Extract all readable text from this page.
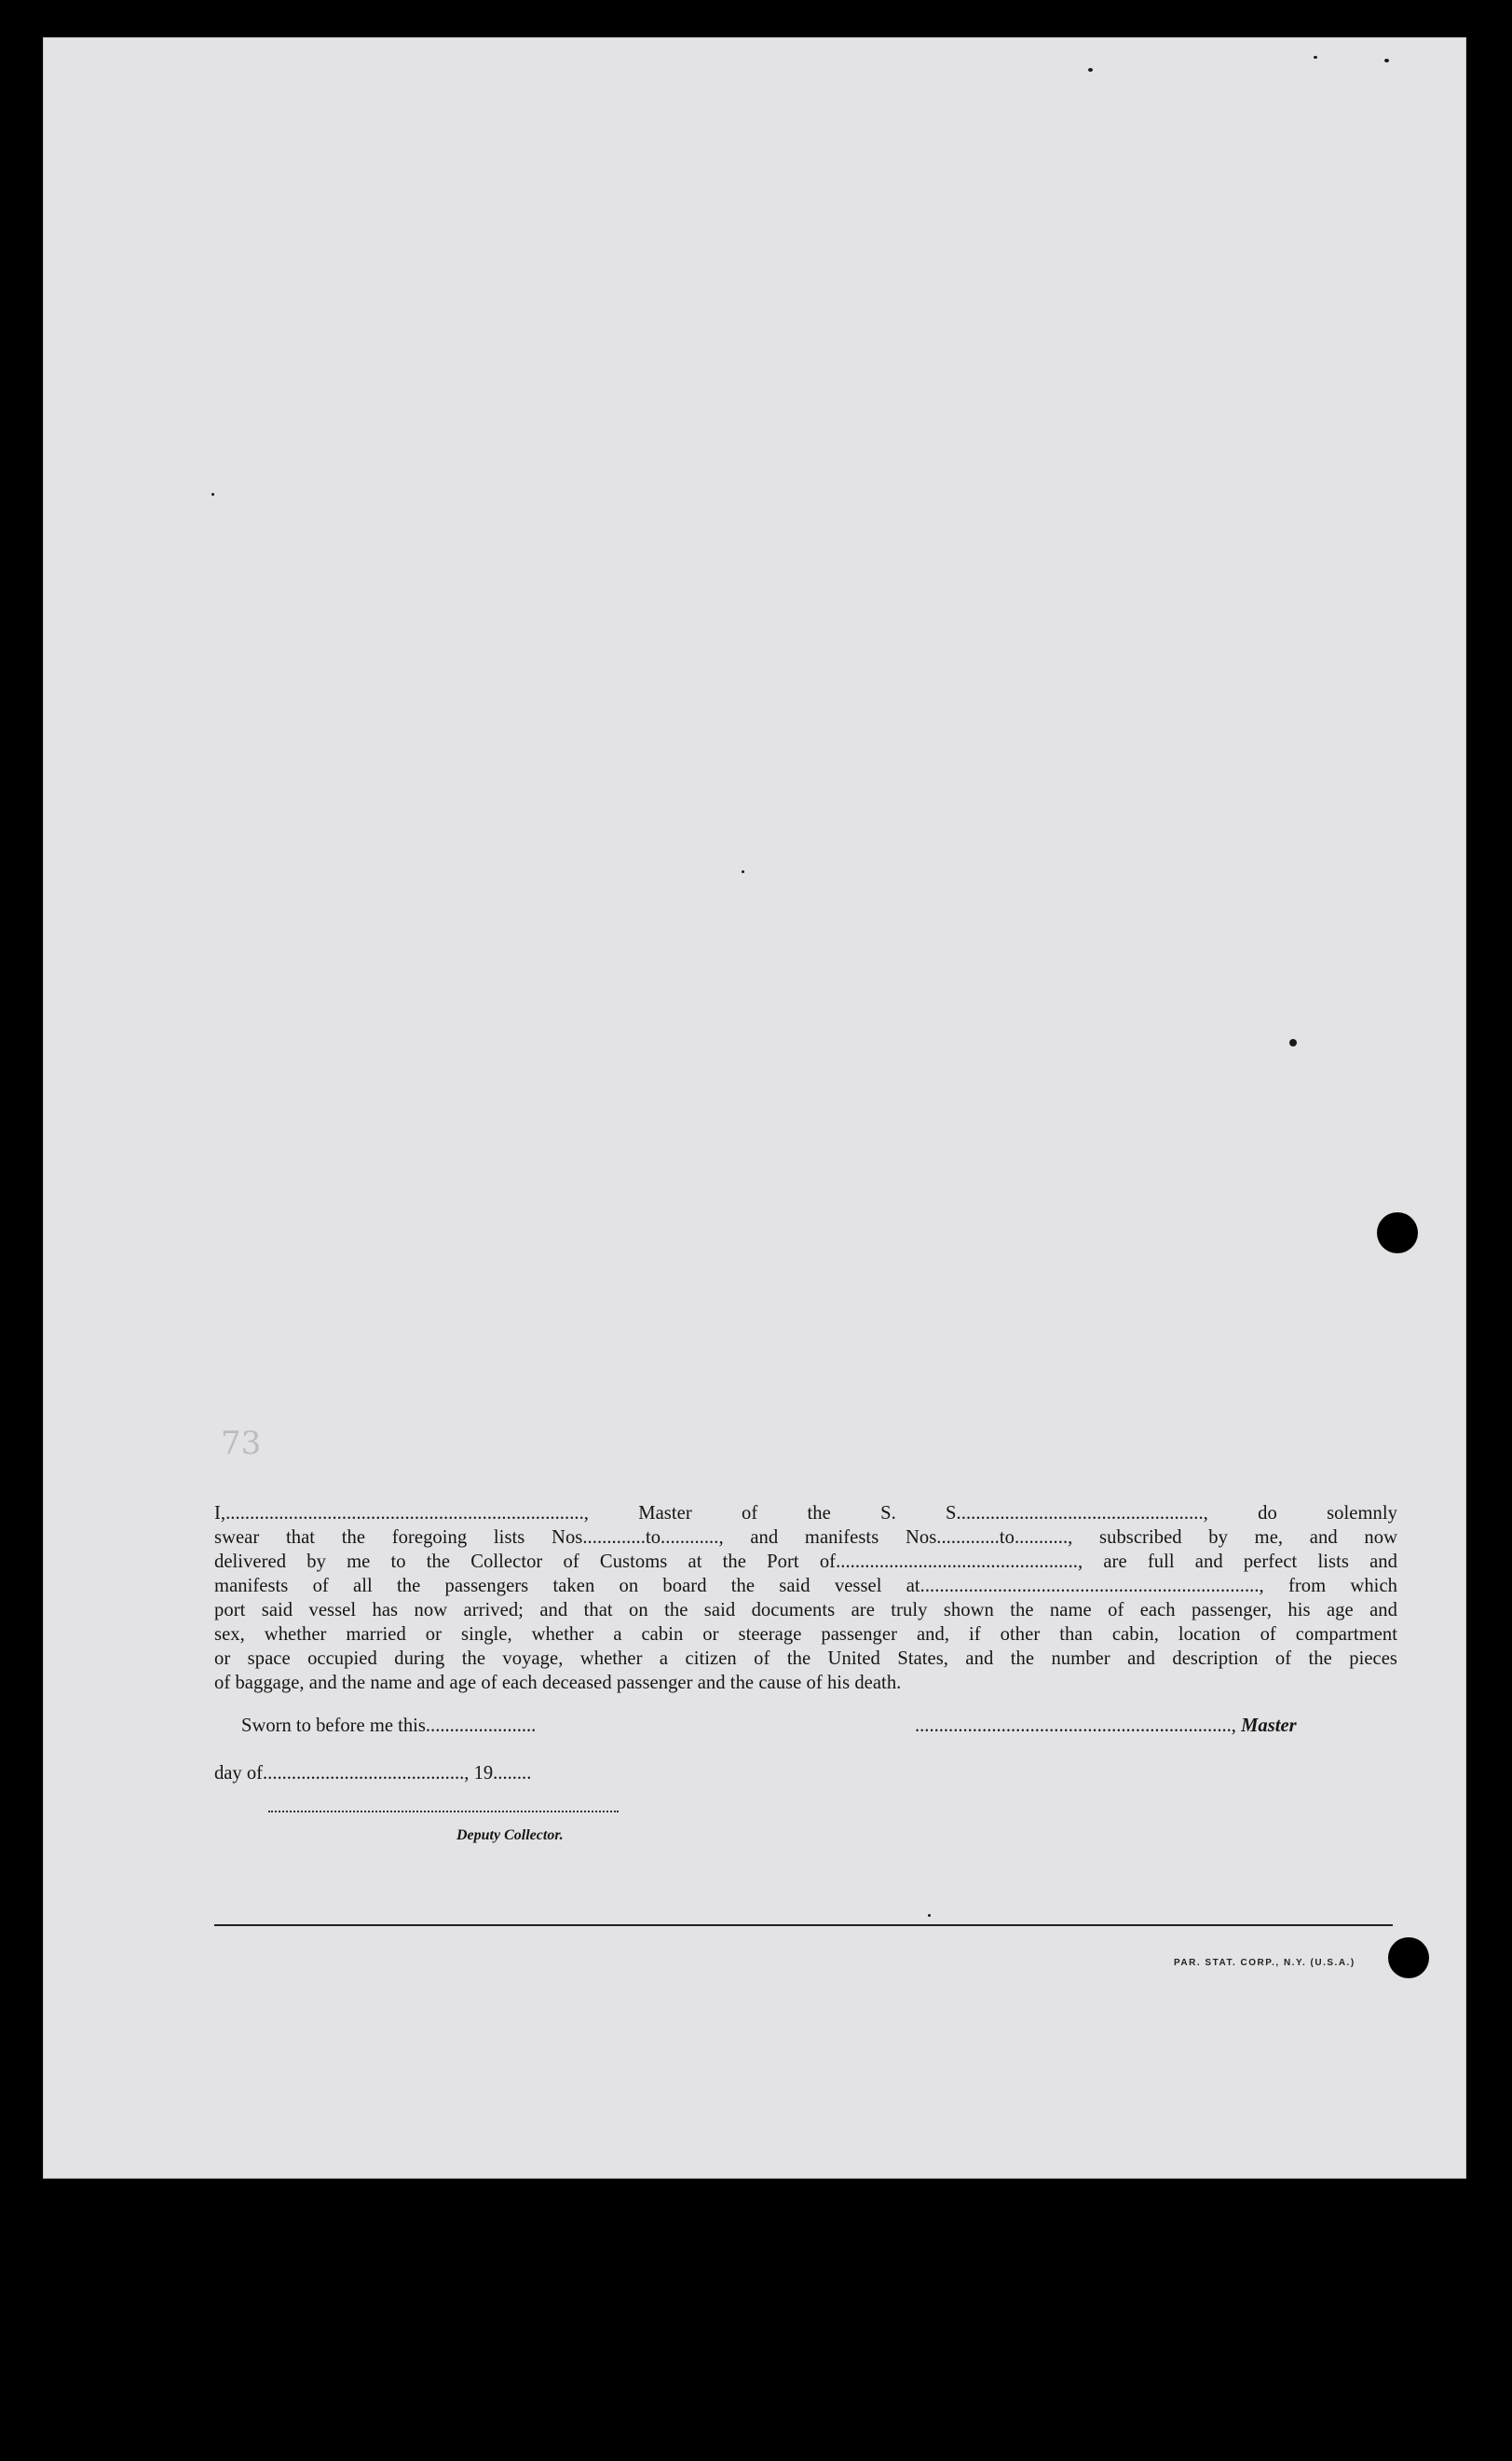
73
I,.........................................................................., Master of the S. S..................................................., do solemnly
swear that the foregoing lists Nos.............to............, and manifests Nos.............to..........., subscribed by me, and now
delivered by me to the Collector of Customs at the Port of.................................................., are full and perfect lists and
manifests of all the passengers taken on board the said vessel at......................................................................, from which
port said vessel has now arrived; and that on the said documents are truly shown the name of each passenger, his age and
sex, whether married or single, whether a cabin or steerage passenger and, if other than cabin, location of compartment
or space occupied during the voyage, whether a citizen of the United States, and the number and description of the pieces
of baggage, and the name and age of each deceased passenger and the cause of his death.
Sworn to before me this.......................	.................................................................., Master
day of.........................................., 19........
Deputy Collector.
PAR. STAT. CORP., N.Y. (U.S.A.)
